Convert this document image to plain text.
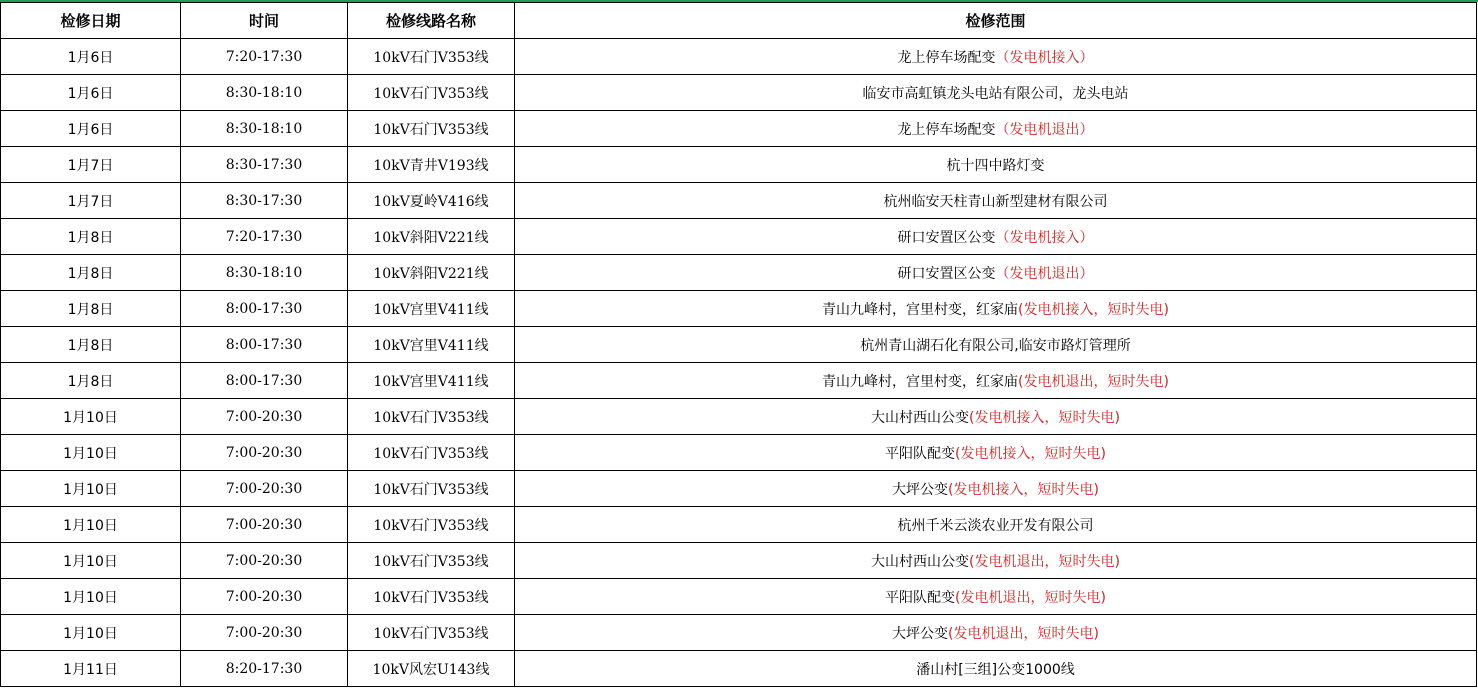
检修日期	时间	检修线路名称	检修范围
1月6日	7:20-17:30	10kV石门V353线	龙上停车场配变（发电机接入）
1月6日	8:30-18:10	10kV石门V353线	临安市高虹镇龙头电站有限公司，龙头电站
1月6日	8:30-18:10	10kV石门V353线	龙上停车场配变（发电机退出）
1月7日	8:30-17:30	10kV青井V193线	杭十四中路灯变
1月7日	8:30-17:30	10kV夏岭V416线	杭州临安天柱青山新型建材有限公司
1月8日	7:20-17:30	10kV斜阳V221线	研口安置区公变（发电机接入）
1月8日	8:30-18:10	10kV斜阳V221线	研口安置区公变（发电机退出）
1月8日	8:00-17:30	10kV宫里V411线	青山九峰村，宫里村变，红家庙(发电机接入，短时失电)
1月8日	8:00-17:30	10kV宫里V411线	杭州青山湖石化有限公司,临安市路灯管理所
1月8日	8:00-17:30	10kV宫里V411线	青山九峰村，宫里村变，红家庙(发电机退出，短时失电)
1月10日	7:00-20:30	10kV石门V353线	大山村西山公变(发电机接入，短时失电)
1月10日	7:00-20:30	10kV石门V353线	平阳队配变(发电机接入，短时失电)
1月10日	7:00-20:30	10kV石门V353线	大坪公变(发电机接入，短时失电)
1月10日	7:00-20:30	10kV石门V353线	杭州千米云淡农业开发有限公司
1月10日	7:00-20:30	10kV石门V353线	大山村西山公变(发电机退出，短时失电)
1月10日	7:00-20:30	10kV石门V353线	平阳队配变(发电机退出，短时失电)
1月10日	7:00-20:30	10kV石门V353线	大坪公变(发电机退出，短时失电)
1月11日	8:20-17:30	10kV风宏U143线	潘山村[三组]公变1000线
